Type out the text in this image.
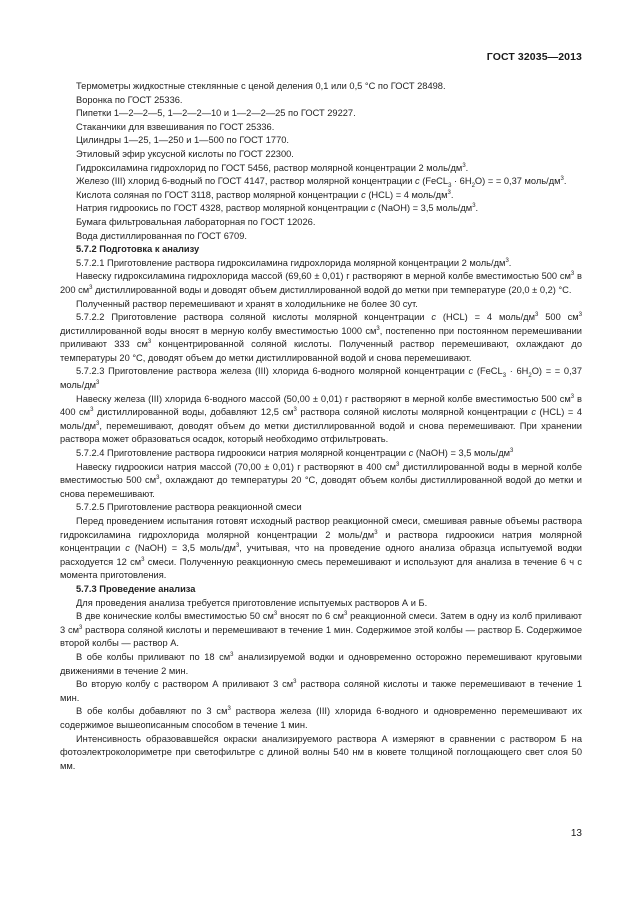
ГОСТ 32035—2013

Термометры жидкостные стеклянные с ценой деления 0,1 или 0,5 °С по ГОСТ 28498.

Воронка по ГОСТ 25336.

Пипетки 1—2—2—5, 1—2—2—10 и 1—2—2—25 по ГОСТ 29227.

Стаканчики для взвешивания по ГОСТ 25336.

Цилиндры 1—25, 1—250 и 1—500 по ГОСТ 1770.

Этиловый эфир уксусной кислоты по ГОСТ 22300.

Гидроксиламина гидрохлорид по ГОСТ 5456, раствор молярной концентрации 2 моль/$дм^3$.

Железо (III) хлорид 6-водный по ГОСТ 4147, раствор молярной концентрации c (FeCL$_3$ · $6H_2O$) = = 0,37 моль/$дм^3$.

Кислота соляная по ГОСТ 3118, раствор молярной концентрации c (HCL) = 4 моль/$дм^3$.

Натрия гидроокись по ГОСТ 4328, раствор молярной концентрации c (NaOH) = 3,5 моль/$дм^3$.

Бумага фильтровальная лабораторная по ГОСТ 12026.

Вода дистиллированная по ГОСТ 6709.

5.7.2 Подготовка к анализу

5.7.2.1 Приготовление раствора гидроксиламина гидрохлорида молярной концентрации 2 моль/$дм^3$.

Навеску гидроксиламина гидрохлорида массой (69,60 ± 0,01) г растворяют в мерной колбе вместимостью 500 $см^3$ в 200 $см^3$ дистиллированной воды и доводят объем дистиллированной водой до метки при температуре (20,0 ± 0,2) °С.

Полученный раствор перемешивают и хранят в холодильнике не более 30 сут.

5.7.2.2 Приготовление раствора соляной кислоты молярной концентрации c (HCL) = 4 моль/$дм^3$ 500 $см^3$ дистиллированной воды вносят в мерную колбу вместимостью 1000 $см^3$, постепенно при постоянном перемешивании приливают 333 $см^3$ концентрированной соляной кислоты. Полученный раствор перемешивают, охлаждают до температуры 20 °С, доводят объем до метки дистиллированной водой и снова перемешивают.

5.7.2.3 Приготовление раствора железа (III) хлорида 6-водного молярной концентрации c (FeCL$_3$ · $6H_2O$) = = 0,37 моль/$дм^3$

Навеску железа (III) хлорида 6-водного массой (50,00 ± 0,01) г растворяют в мерной колбе вместимостью 500 $см^3$ в 400 $см^3$ дистиллированной воды, добавляют 12,5 $см^3$ раствора соляной кислоты молярной концентрации c (HCL) = 4 моль/$дм^3$, перемешивают, доводят объем до метки дистиллированной водой и снова перемешивают. При хранении раствора может образоваться осадок, который необходимо отфильтровать.

5.7.2.4 Приготовление раствора гидроокиси натрия молярной концентрации c (NaOH) = 3,5 моль/$дм^3$

Навеску гидроокиси натрия массой (70,00 ± 0,01) г растворяют в 400 $см^3$ дистиллированной воды в мерной колбе вместимостью 500 $см^3$, охлаждают до температуры 20 °С, доводят объем колбы дистиллированной водой до метки и снова перемешивают.

5.7.2.5 Приготовление раствора реакционной смеси

Перед проведением испытания готовят исходный раствор реакционной смеси, смешивая равные объемы раствора гидроксиламина гидрохлорида молярной концентрации 2 моль/$дм^3$ и раствора гидроокиси натрия молярной концентрации c (NaOH) = 3,5 моль/$дм^3$, учитывая, что на проведение одного анализа образца испытуемой водки расходуется 12 $см^3$ смеси. Полученную реакционную смесь перемешивают и используют для анализа в течение 6 ч с момента приготовления.

5.7.3 Проведение анализа

Для проведения анализа требуется приготовление испытуемых растворов А и Б.

В две конические колбы вместимостью 50 $см^3$ вносят по 6 $см^3$ реакционной смеси. Затем в одну из колб приливают 3 $см^3$ раствора соляной кислоты и перемешивают в течение 1 мин. Содержимое этой колбы — раствор Б. Содержимое второй колбы — раствор А.

В обе колбы приливают по 18 $см^3$ анализируемой водки и одновременно осторожно перемешивают круговыми движениями в течение 2 мин.

Во вторую колбу с раствором А приливают 3 $см^3$ раствора соляной кислоты и также перемешивают в течение 1 мин.

В обе колбы добавляют по 3 $см^3$ раствора железа (III) хлорида 6-водного и одновременно перемешивают их содержимое вышеописанным способом в течение 1 мин.

Интенсивность образовавшейся окраски анализируемого раствора А измеряют в сравнении с раствором Б на фотоэлектроколориметре при светофильтре с длиной волны 540 нм в кювете толщиной поглощающего свет слоя 50 мм.

13
